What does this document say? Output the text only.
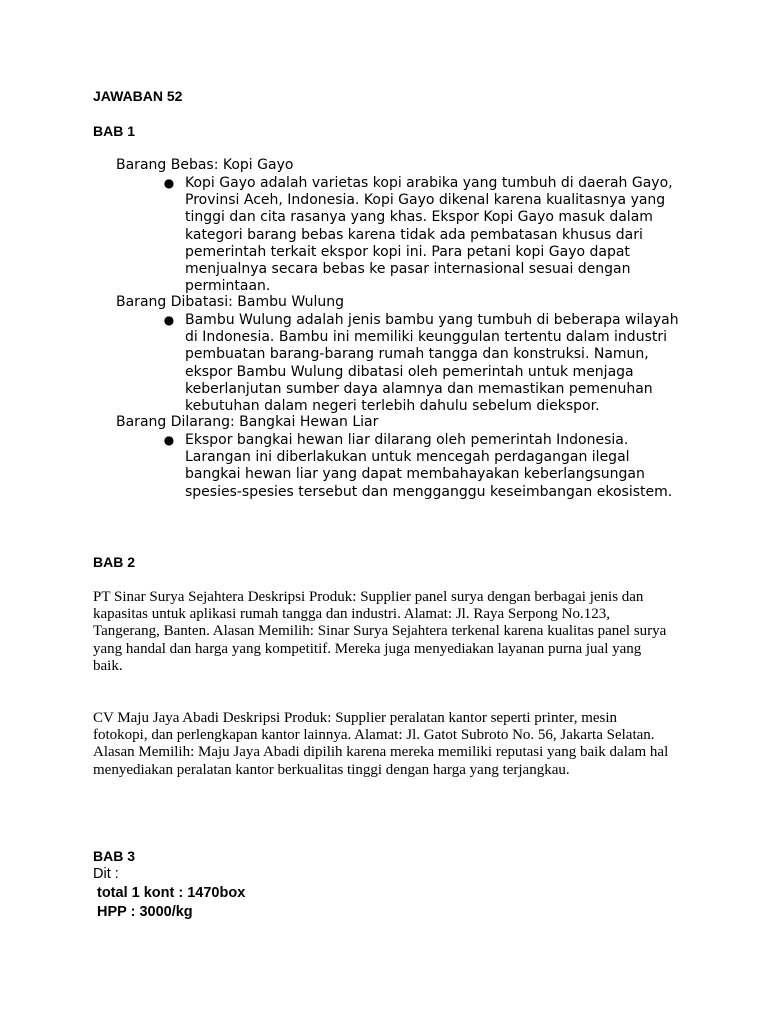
JAWABAN 52
BAB 1
Barang Bebas: Kopi Gayo
● Kopi Gayo adalah varietas kopi arabika yang tumbuh di daerah Gayo, Provinsi Aceh, Indonesia. Kopi Gayo dikenal karena kualitasnya yang tinggi dan cita rasanya yang khas. Ekspor Kopi Gayo masuk dalam kategori barang bebas karena tidak ada pembatasan khusus dari pemerintah terkait ekspor kopi ini. Para petani kopi Gayo dapat menjualnya secara bebas ke pasar internasional sesuai dengan permintaan.
Barang Dibatasi: Bambu Wulung
● Bambu Wulung adalah jenis bambu yang tumbuh di beberapa wilayah di Indonesia. Bambu ini memiliki keunggulan tertentu dalam industri pembuatan barang-barang rumah tangga dan konstruksi. Namun, ekspor Bambu Wulung dibatasi oleh pemerintah untuk menjaga keberlanjutan sumber daya alamnya dan memastikan pemenuhan kebutuhan dalam negeri terlebih dahulu sebelum diekspor.
Barang Dilarang: Bangkai Hewan Liar
● Ekspor bangkai hewan liar dilarang oleh pemerintah Indonesia. Larangan ini diberlakukan untuk mencegah perdagangan ilegal bangkai hewan liar yang dapat membahayakan keberlangsungan spesies-spesies tersebut dan mengganggu keseimbangan ekosistem.
BAB 2
PT Sinar Surya Sejahtera Deskripsi Produk: Supplier panel surya dengan berbagai jenis dan kapasitas untuk aplikasi rumah tangga dan industri. Alamat: Jl. Raya Serpong No.123, Tangerang, Banten. Alasan Memilih: Sinar Surya Sejahtera terkenal karena kualitas panel surya yang handal dan harga yang kompetitif. Mereka juga menyediakan layanan purna jual yang baik.
CV Maju Jaya Abadi Deskripsi Produk: Supplier peralatan kantor seperti printer, mesin fotokopi, dan perlengkapan kantor lainnya. Alamat: Jl. Gatot Subroto No. 56, Jakarta Selatan. Alasan Memilih: Maju Jaya Abadi dipilih karena mereka memiliki reputasi yang baik dalam hal menyediakan peralatan kantor berkualitas tinggi dengan harga yang terjangkau.
BAB 3
Dit :
total 1 kont : 1470box
HPP : 3000/kg
